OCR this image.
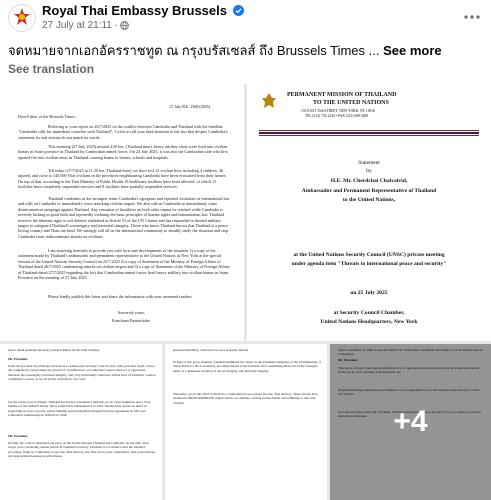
Royal Thai Embassy Brussels
27 July at 21:11 ·
จดหมายจากเอกอัครราชทูต ณ กรุงบรัสเซลส์ ถึง Brussels Times ... See more
See translation
27 July B.E. 2568 (2025)
Dear Editor of the Brussels Times,
Referring to your report on 26/7/2025 on the conflict between Cambodia and Thailand with the headline "Cambodia calls for immediate ceasefire with Thailand", I wish to call your kind attention to the fact that despite Cambodia's statement, its real actions do not match its words.
This morning (27 July 2025) around 4:50 hrs. (Thailand time), heavy artillery shots were fired into civilian homes in Surin province in Thailand by Cambodian armed forces. On 24 July 2025, it was also the Cambodian side who first opened fire into civilian areas in Thailand, causing harms to homes, schools and hospitals.
Till today (27/7/2025 at 11.30 hrs. Thailand time), we have lost 13 civilian lives including 4 children, 36 injured, and close to 140,000 Thai civilians in the provinces neighbouring Cambodia have been evacuated from their homes. On top of that, according to the Thai Ministry of Public Health,19 healthcare facilities have been affected, of which 11 facilities have completely suspended services and 8 facilities have partially suspended services.
Thailand condemns in the strongest terms Cambodia's egregious and repeated violations of international law and calls on Cambodia to immediately cease attacking civilian targets. We also call on Cambodia to immediately cease disinformation campaign against Thailand. Any cessation of hostilities on both sides cannot be reached while Cambodia is severely lacking in good faith and repeatedly violating the basic principles of human rights and humanitarian law. Thailand reserves the inherent right to self defense enshrined in Article 51 of the UN Charter and has responded to limited military targets to safeguard Thailand's sovereignty and territorial integrity. Those who know Thailand knows that Thailand is a peace-loving country and Thais are kind. We strongly call all on the international community to steadily study the situation and stop Cambodia from indiscriminate attacks on civilians.
I am attaching herewith to provide you with facts and developments of the situation 1) a copy of the statement made by Thailand's ambassador and permanent representative to the United Nations in New York at the special session of the United Nations Security Council on 25/7/2025 2) a copy of Statement of the Ministry of Foreign Affairs of Thailand dated 26/7/2025 condemning attacks on civilian targets and 3) a copy of Statement of the Ministry of Foreign Affairs of Thailand dated 27/7/2025 regarding the fact that Cambodian armed forces fired heavy artillery into civilian homes in Surin Province on the morning of 27 July 2025.
Please kindly publish this letter and share the information with your esteemed readers.
Sincerely yours,
Kanchana Patarachoke
PERMANENT MISSION OF THAILAND
TO THE UNITED NATIONS
135 EAST 35th STREET, NEW YORK, NY 10016
TEL (212) 754-2230 • FAX (212) 688-3029
Statement
by
H.E. Mr. Cherdchai Chaivaivid,
Ambassador and Permanent Representative of Thailand
to the United Nations,
at the United Nations Security Council (UNSC) private meeting
under agenda item "Threats to international peace and security"
on 25 July 2025
at Security Council Chamber,
United Nations Headquarters, New York
and to thank Assistant Secretary-General Khiari for his brief briefing.
Mr. President,
It has always been my privilege and honour to address the Security Council. Now, with profound regret, today I am compelled to speak under the gravest of circumstances, as Cambodia's unprovoked act of aggression threatens the sovereignty, territorial integrity, and, very importantly, innocent civilian lives of Thailand, a nation committed to peace, as we all in this room know very well.
Let me set the record straight. Thailand has always considered Cambodia as our close neighbour and a close member of the ASEAN family. Since Cambodia's independence in 1953, Thailand has spared no effort in supporting its peace process, nation-building and development through the Paris Agreement in 1991 and Cambodia's membership in ASEAN in 1999.
Mr. President,
On May 28, contract skirmish took place on the border between Thailand and Cambodia. At the time, Thai troops were conducting routine patrols in Thailand's territory. Thailand, in accordance with the standard procedure, firing by Cambodian troops into Thai territory, the Thai forces were compelled to take proportionate and appropriate measures in self-defense.
persistent disability, while the rest were seriously injured.
In light of this grave situation, Thailand submitted two letters to the President-Designate of the 22nd Meeting of States Parties to the Convention, providing details of the incidents and condemning these acts in the strongest terms as a deliberate violation of our sovereignty and territorial integrity.
Thereafter, on 24 July 2025 at 08.20 hrs, Cambodian troops opened fire into Thai territory. These attacks have resulted in INDISCRIMINATE armed attacks on civilians, causing serious harms and sufferings to innocent civilians.
States Convention of 1949, in specific Article 30 of the Paris Convention and Article 14 of the Fourth Geneva Convention.
Mr. President,
This series of unprovoked and premeditated acts of aggression and armed attacks by the Cambodian armed forces are in clear violation of international law.
Despite increasing armed tensions, Thailand is now compelled to act in self-defense under Article 51 of the UN Charter.
As a peace-loving nation, Mr. President, Thailand categorically rejects the use of force as a means to resolve international disputes. +4
